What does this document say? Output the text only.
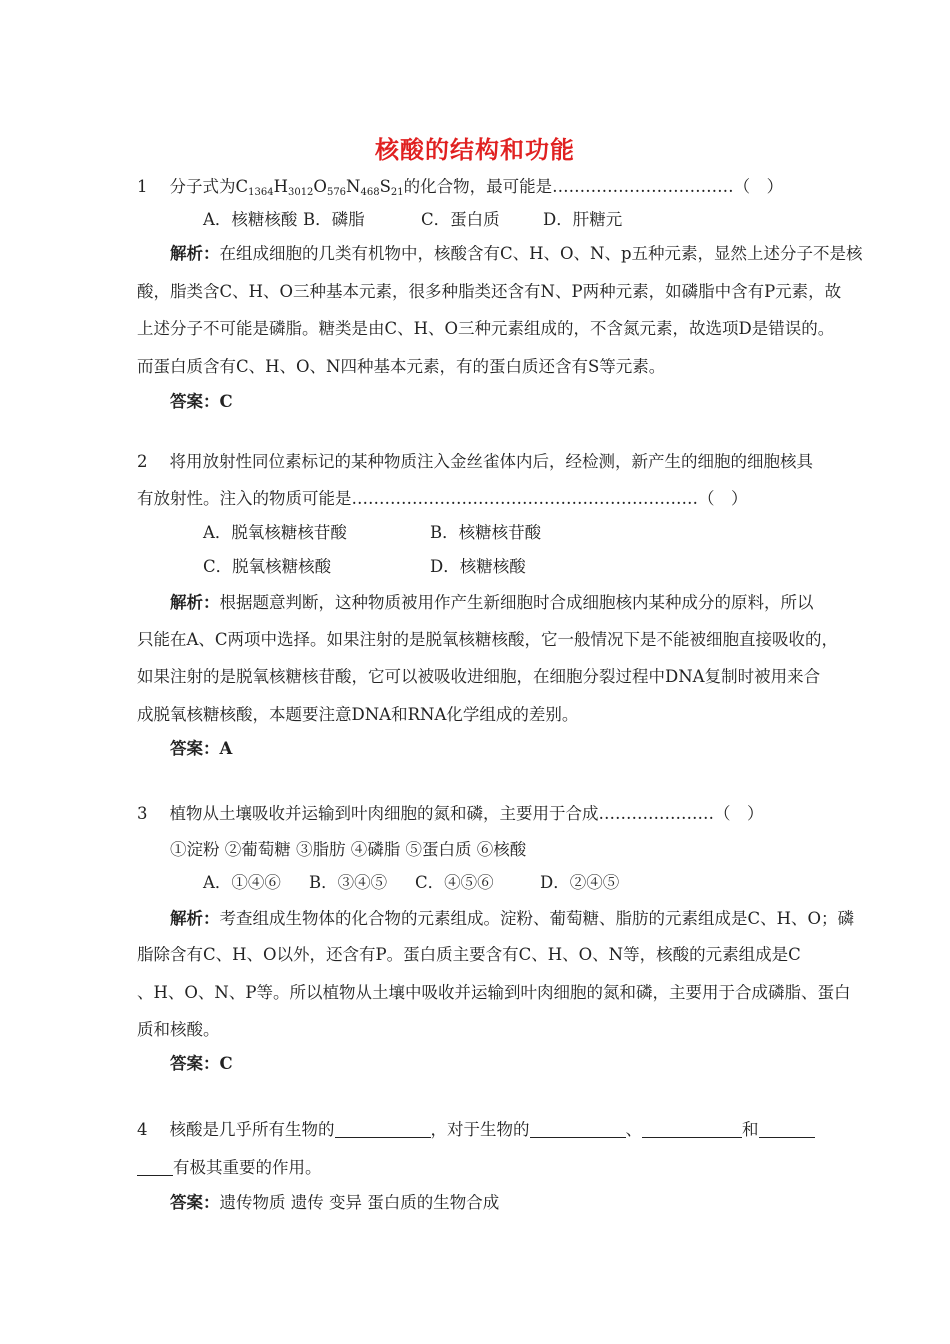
核酸的结构和功能
1 分子式为$C_{1364}H_{3012}O_{576}N_{468}S_{21}$的化合物，最可能是……………………………（　）
A．核糖核酸 B．磷脂	C．蛋白质	D．肝糖元
解析：在组成细胞的几类有机物中，核酸含有C、H、O、N、p五种元素，显然上述分子不是核
酸，脂类含C、H、O三种基本元素，很多种脂类还含有N、P两种元素，如磷脂中含有P元素，故
上述分子不可能是磷脂。糖类是由C、H、O三种元素组成的，不含氮元素，故选项D是错误的。
而蛋白质含有C、H、O、N四种基本元素，有的蛋白质还含有S等元素。
答案：C
2 将用放射性同位素标记的某种物质注入金丝雀体内后，经检测，新产生的细胞的细胞核具
有放射性。注入的物质可能是………………………………………………………（　）
A．脱氧核糖核苷酸	B．核糖核苷酸
C．脱氧核糖核酸	D．核糖核酸
解析：根据题意判断，这种物质被用作产生新细胞时合成细胞核内某种成分的原料，所以
只能在A、C两项中选择。如果注射的是脱氧核糖核酸，它一般情况下是不能被细胞直接吸收的，
如果注射的是脱氧核糖核苷酸，它可以被吸收进细胞，在细胞分裂过程中DNA复制时被用来合
成脱氧核糖核酸，本题要注意DNA和RNA化学组成的差别。
答案：A
3 植物从土壤吸收并运输到叶肉细胞的氮和磷，主要用于合成…………………（　）
①淀粉 ②葡萄糖 ③脂肪 ④磷脂 ⑤蛋白质 ⑥核酸
A．①④⑥ B．③④⑤ C．④⑤⑥	D．②④⑤
解析：考查组成生物体的化合物的元素组成。淀粉、葡萄糖、脂肪的元素组成是C、H、O；磷
脂除含有C、H、O以外，还含有P。蛋白质主要含有C、H、O、N等，核酸的元素组成是C
、H、O、N、P等。所以植物从土壤中吸收并运输到叶肉细胞的氮和磷，主要用于合成磷脂、蛋白
质和核酸。
答案：C
4 核酸是几乎所有生物的	，对于生物的	、	和
有极其重要的作用。
答案：遗传物质 遗传 变异 蛋白质的生物合成
